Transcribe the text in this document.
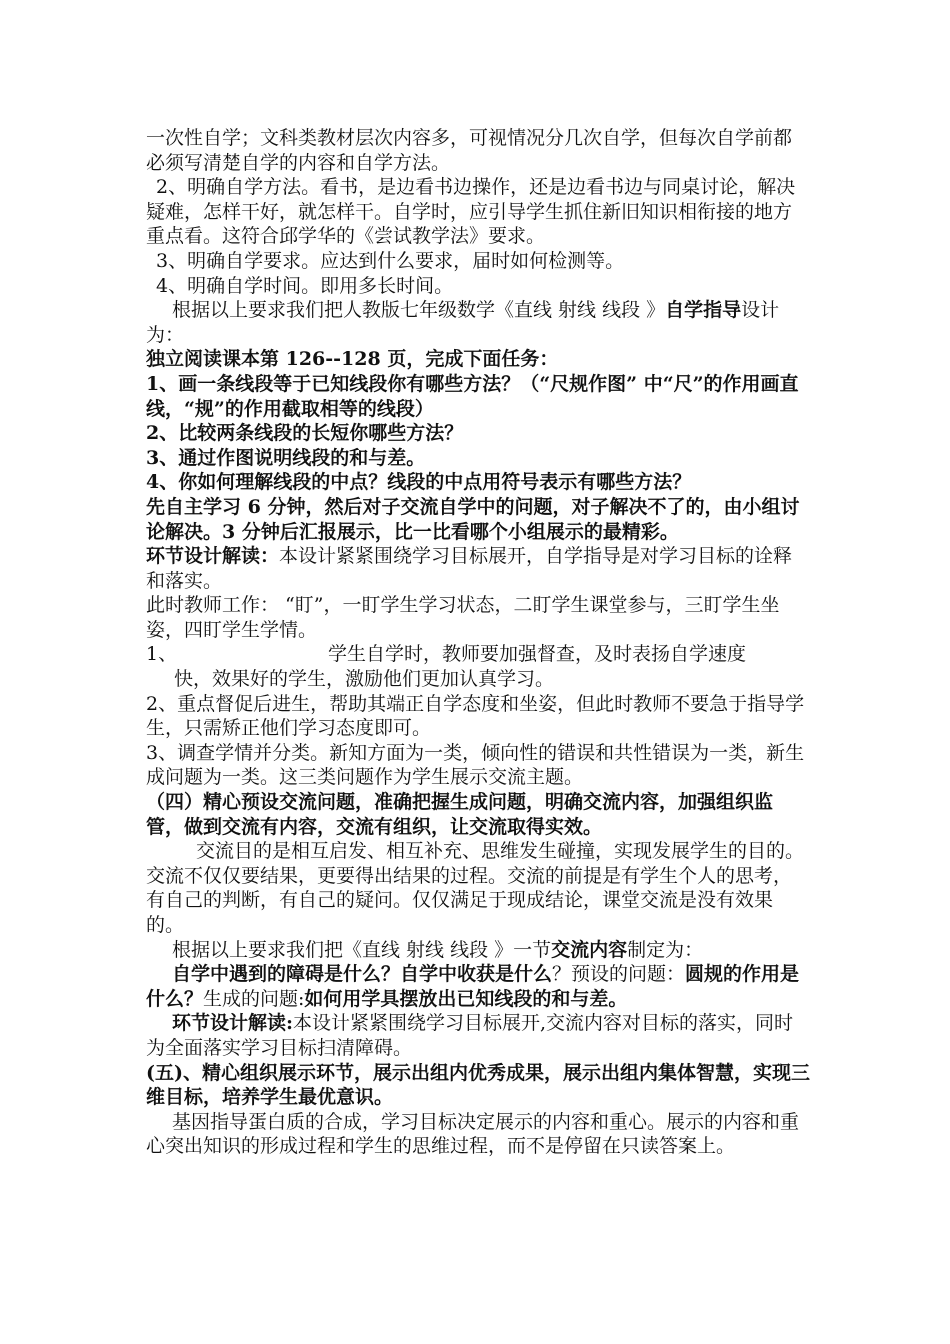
一次性自学；文科类教材层次内容多，可视情况分几次自学，但每次自学前都必须写清楚自学的内容和自学方法。

2、明确自学方法。看书，是边看书边操作，还是边看书边与同桌讨论，解决疑难，怎样干好，就怎样干。自学时，应引导学生抓住新旧知识相衔接的地方重点看。这符合邱学华的《尝试教学法》要求。

3、明确自学要求。应达到什么要求，届时如何检测等。

4、明确自学时间。即用多长时间。

根据以上要求我们把人教版七年级数学《直线 射线 线段 》自学指导设计为：

独立阅读课本第 126--128 页，完成下面任务：

1、画一条线段等于已知线段你有哪些方法？（“尺规作图” 中“尺”的作用画直线，“规”的作用截取相等的线段）

2、比较两条线段的长短你哪些方法？

3、通过作图说明线段的和与差。

4、你如何理解线段的中点？线段的中点用符号表示有哪些方法？

先自主学习 6 分钟，然后对子交流自学中的问题，对子解决不了的，由小组讨论解决。3 分钟后汇报展示，比一比看哪个小组展示的最精彩。

环节设计解读：本设计紧紧围绕学习目标展开，自学指导是对学习目标的诠释和落实。

此时教师工作： “盯”，一盯学生学习状态，二盯学生课堂参与，三盯学生坐姿，四盯学生学情。

1、	学生自学时，教师要加强督查，及时表扬自学速度

快，效果好的学生，激励他们更加认真学习。

2、重点督促后进生，帮助其端正自学态度和坐姿，但此时教师不要急于指导学生，只需矫正他们学习态度即可。

3、调查学情并分类。新知方面为一类，倾向性的错误和共性错误为一类，新生成问题为一类。这三类问题作为学生展示交流主题。

（四）精心预设交流问题，准确把握生成问题，明确交流内容，加强组织监管，做到交流有内容，交流有组织，让交流取得实效。

交流目的是相互启发、相互补充、思维发生碰撞，实现发展学生的目的。交流不仅仅要结果，更要得出结果的过程。交流的前提是有学生个人的思考，有自己的判断，有自己的疑问。仅仅满足于现成结论，课堂交流是没有效果的。

根据以上要求我们把《直线 射线 线段 》一节交流内容制定为：

自学中遇到的障碍是什么？自学中收获是什么？预设的问题：圆规的作用是什么？生成的问题:如何用学具摆放出已知线段的和与差。

环节设计解读:本设计紧紧围绕学习目标展开,交流内容对目标的落实，同时为全面落实学习目标扫清障碍。

(五)、精心组织展示环节，展示出组内优秀成果，展示出组内集体智慧，实现三维目标，培养学生最优意识。

基因指导蛋白质的合成，学习目标决定展示的内容和重心。展示的内容和重心突出知识的形成过程和学生的思维过程，而不是停留在只读答案上。
